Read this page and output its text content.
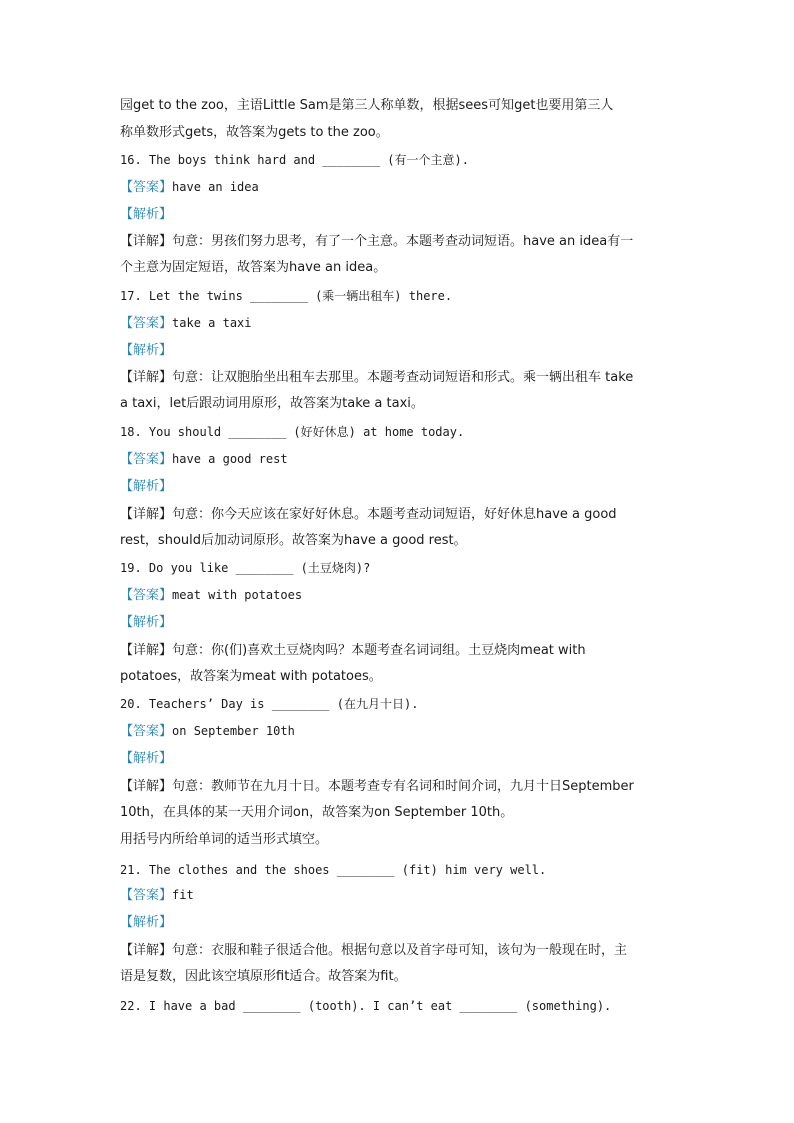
园get to the zoo，主语Little Sam是第三人称单数，根据sees可知get也要用第三人
称单数形式gets，故答案为gets to the zoo。
16. The boys think hard and ________ (有一个主意).
【答案】have an idea
【解析】
【详解】句意：男孩们努力思考，有了一个主意。本题考查动词短语。have an idea有一
个主意为固定短语，故答案为have an idea。
17. Let the twins ________ (乘一辆出租车) there.
【答案】take a taxi
【解析】
【详解】句意：让双胞胎坐出租车去那里。本题考查动词短语和形式。乘一辆出租车 take
a taxi，let后跟动词用原形，故答案为take a taxi。
18. You should ________ (好好休息) at home today.
【答案】have a good rest
【解析】
【详解】句意：你今天应该在家好好休息。本题考查动词短语，好好休息have a good
rest，should后加动词原形。故答案为have a good rest。
19. Do you like ________ (土豆烧肉)?
【答案】meat with potatoes
【解析】
【详解】句意：你(们)喜欢土豆烧肉吗？本题考查名词词组。土豆烧肉meat with
potatoes，故答案为meat with potatoes。
20. Teachers’ Day is ________ (在九月十日).
【答案】on September 10th
【解析】
【详解】句意：教师节在九月十日。本题考查专有名词和时间介词，九月十日September
10th，在具体的某一天用介词on，故答案为on September 10th。
用括号内所给单词的适当形式填空。
21. The clothes and the shoes ________ (fit) him very well.
【答案】fit
【解析】
【详解】句意：衣服和鞋子很适合他。根据句意以及首字母可知，该句为一般现在时，主
语是复数，因此该空填原形fit适合。故答案为fit。
22. I have a bad ________ (tooth). I can’t eat ________ (something).
